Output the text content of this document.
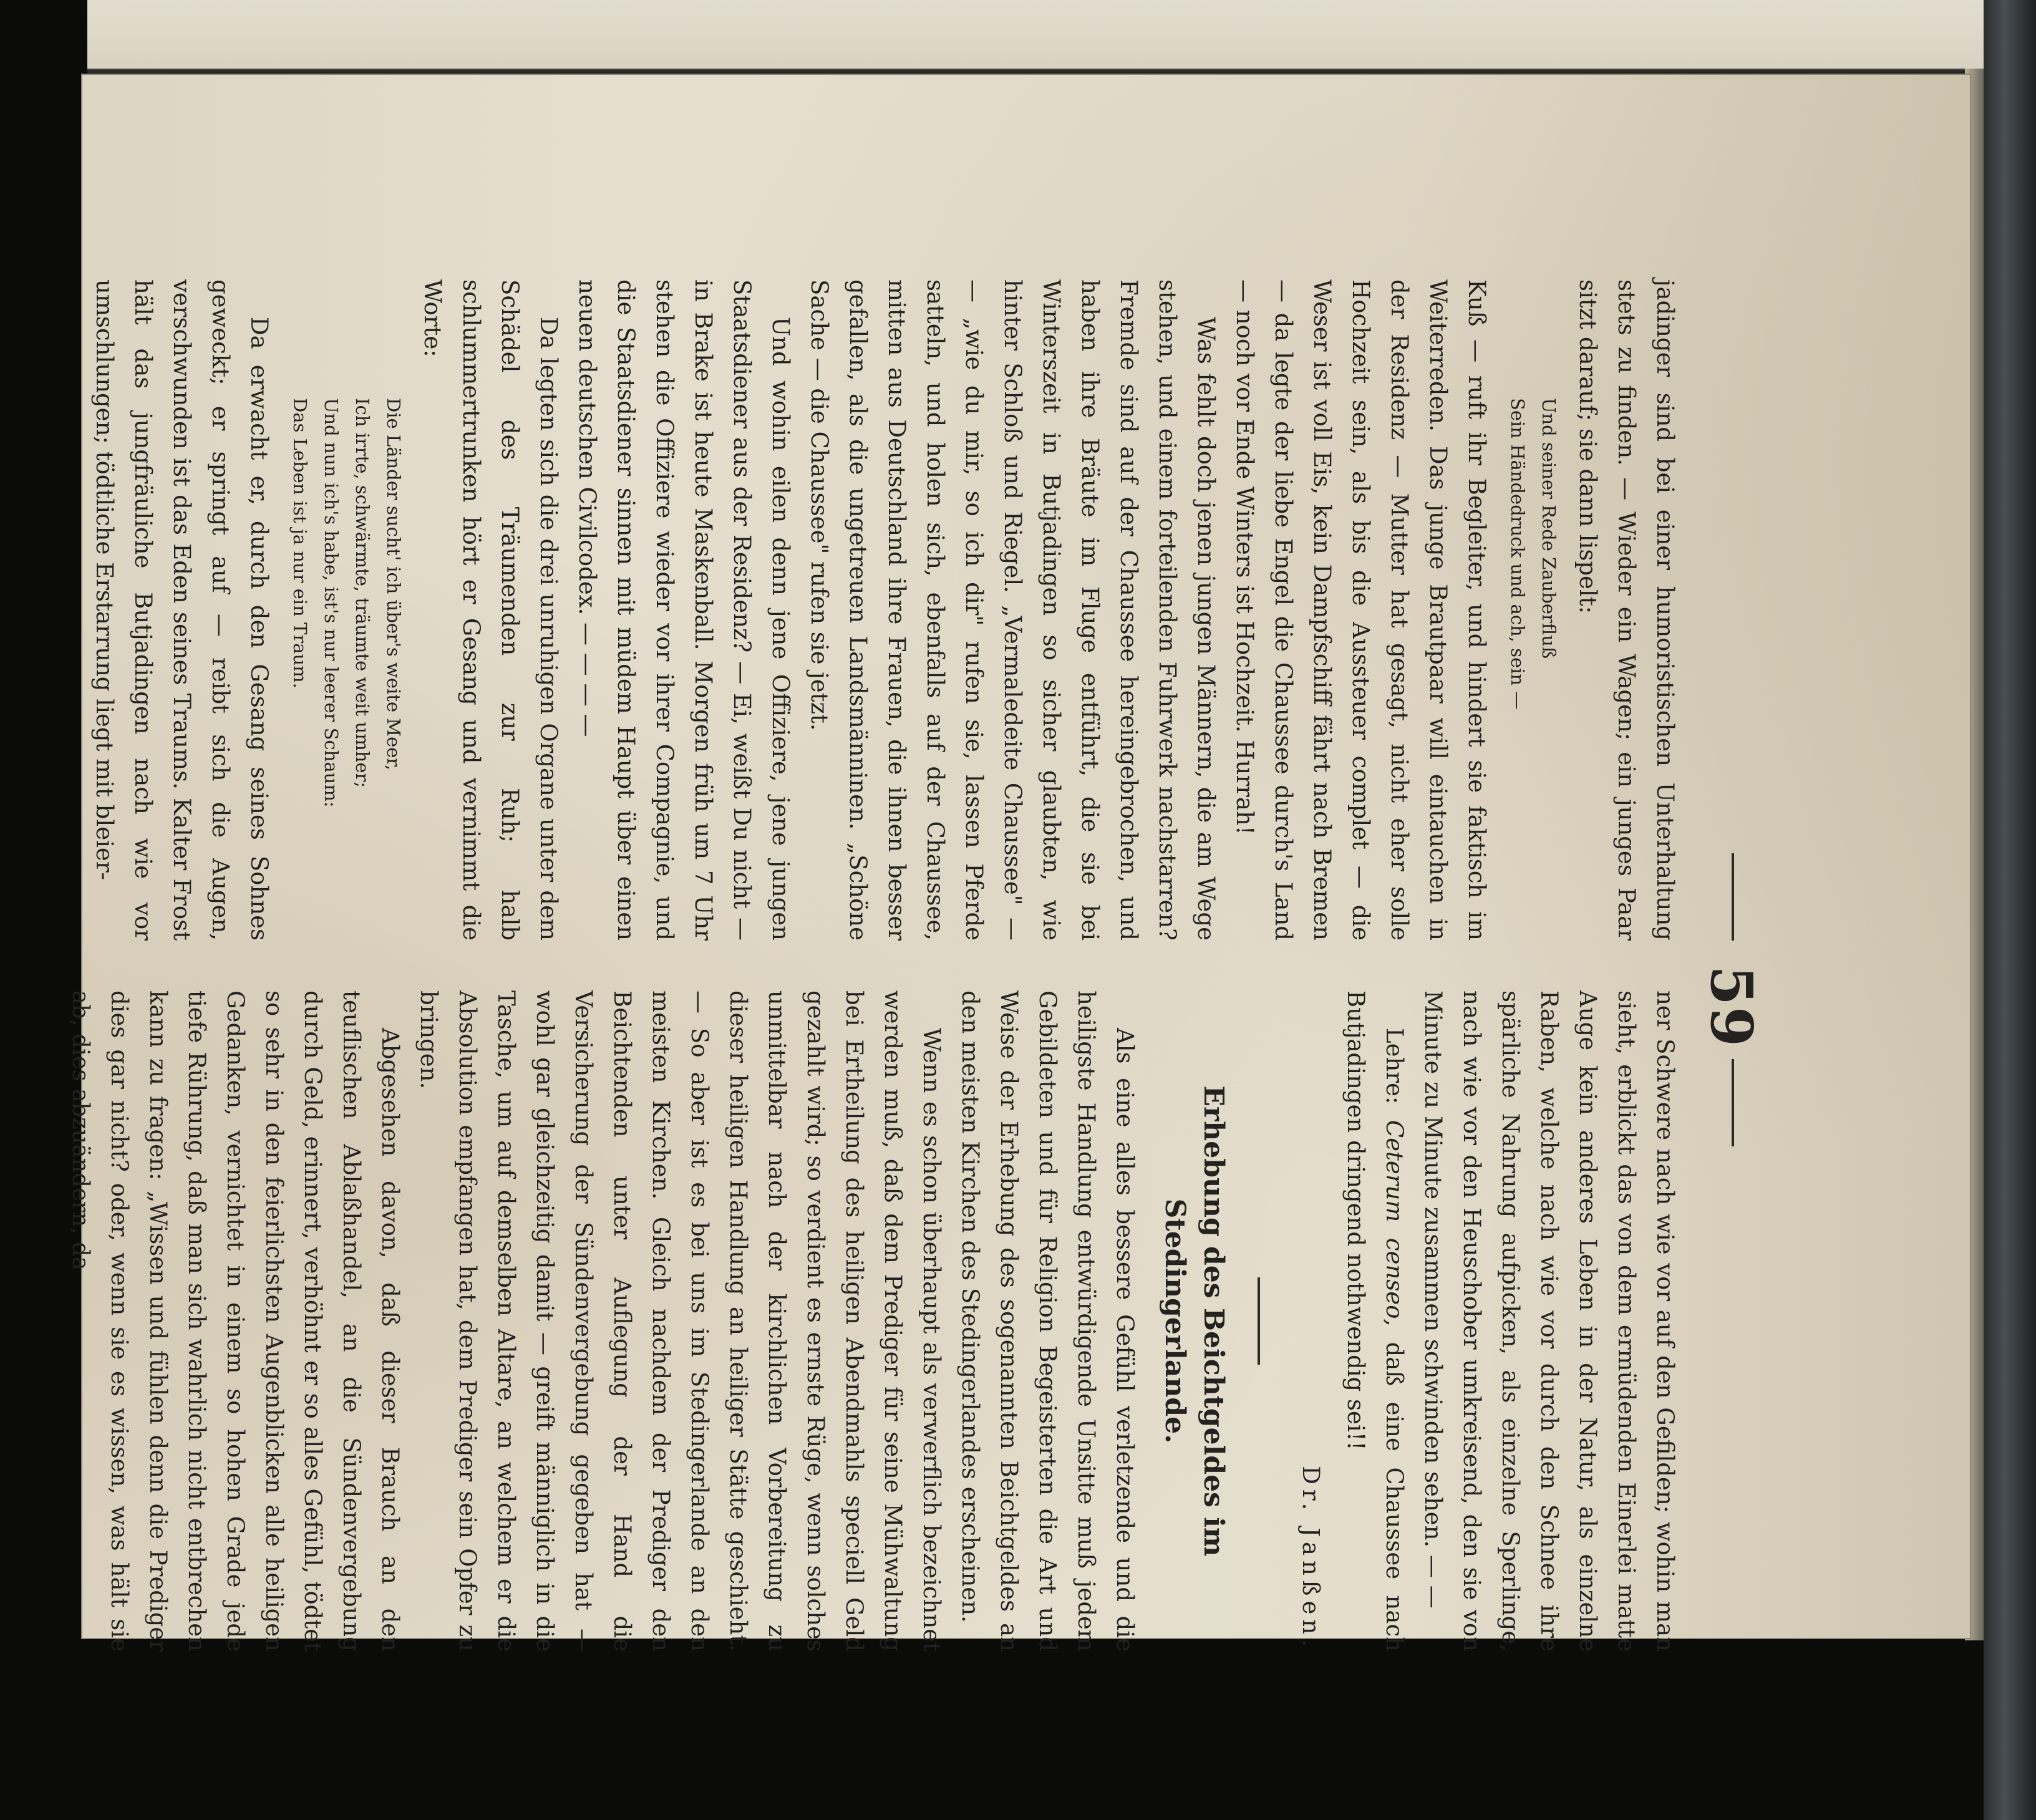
59

jadinger sind bei einer humoristischen Unterhaltung stets zu finden. — Wieder ein Wagen; ein junges Paar sitzt darauf; sie dann lispelt:

Und seiner Rede Zauberfluß
Sein Händedruck und ach, sein —

Kuß — ruft ihr Begleiter, und hindert sie faktisch im Weiterreden. Das junge Brautpaar will eintauchen in der Residenz — Mutter hat gesagt, nicht eher solle Hochzeit sein, als bis die Aussteuer complet — die Weser ist voll Eis, kein Dampfschiff fährt nach Bremen — da legte der liebe Engel die Chaussee durch's Land — noch vor Ende Winters ist Hochzeit. Hurrah!

Was fehlt doch jenen jungen Männern, die am Wege stehen, und einem forteilenden Fuhrwerk nachstarren? Fremde sind auf der Chaussee hereingebrochen, und haben ihre Bräute im Fluge entführt, die sie bei Winterszeit in Butjadingen so sicher glaubten, wie hinter Schloß und Riegel. „Vermaledeite Chaussee" — — „wie du mir, so ich dir" rufen sie, lassen Pferde satteln, und holen sich, ebenfalls auf der Chaussee, mitten aus Deutschland ihre Frauen, die ihnen besser gefallen, als die ungetreuen Landsmänninen. „Schöne Sache — die Chaussee" rufen sie jetzt.

Und wohin eilen denn jene Offiziere, jene jungen Staatsdiener aus der Residenz? — Ei, weißt Du nicht — in Brake ist heute Maskenball. Morgen früh um 7 Uhr stehen die Offiziere wieder vor ihrer Compagnie, und die Staatsdiener sinnen mit müdem Haupt über einen neuen deutschen Civilcodex. — — — —

Da legten sich die drei unruhigen Organe unter dem Schädel des Träumenden zur Ruh; halb schlummertrunken hört er Gesang und vernimmt die Worte:

Die Länder sucht' ich über's weite Meer,
Ich irrte, schwärmte, träumte weit umher;
Und nun ich's habe, ist's nur leerer Schaum:
Das Leben ist ja nur ein Traum.

Da erwacht er, durch den Gesang seines Sohnes geweckt; er springt auf — reibt sich die Augen, verschwunden ist das Eden seines Traums. Kalter Frost hält das jungfräuliche Butjadingen nach wie vor umschlungen; tödtliche Erstarrung liegt mit bleier-

ner Schwere nach wie vor auf den Gefilden; wohin man sieht, erblickt das von dem ermüdenden Einerlei matte Auge kein anderes Leben in der Natur, als einzelne Raben, welche nach wie vor durch den Schnee ihre spärliche Nahrung aufpicken, als einzelne Sperlinge, nach wie vor den Heuschober umkreisend, den sie von Minute zu Minute zusammen schwinden sehen. — —

Lehre: Ceterum censeo, daß eine Chaussee nach Butjadingen dringend nothwendig sei!!

Dr. Janßen.
Erhebung des Beichtgeldes im Stedingerlande.

Als eine alles bessere Gefühl verletzende und die heiligste Handlung entwürdigende Unsitte muß jedem Gebildeten und für Religion Begeisterten die Art und Weise der Erhebung des sogenannten Beichtgeldes an den meisten Kirchen des Stedingerlandes erscheinen.

Wenn es schon überhaupt als verwerflich bezeichnet werden muß, daß dem Prediger für seine Mühwaltung bei Ertheilung des heiligen Abendmahls speciell Geld gezahlt wird; so verdient es ernste Rüge, wenn solches unmittelbar nach der kirchlichen Vorbereitung zu dieser heiligen Handlung an heiliger Stätte geschieht. — So aber ist es bei uns im Stedingerlande an den meisten Kirchen. Gleich nachdem der Prediger den Beichtenden unter Auflegung der Hand die Versicherung der Sündenvergebung gegeben hat — wohl gar gleichzeitig damit — greift männiglich in die Tasche, um auf demselben Altare, an welchem er die Absolution empfangen hat, dem Prediger sein Opfer zu bringen.

Abgesehen davon, daß dieser Brauch an den teuflischen Ablaßhandel, an die Sündenvergebung durch Geld, erinnert, verhöhnt er so alles Gefühl, tödtet so sehr in den feierlichsten Augenblicken alle heiligen Gedanken, vernichtet in einem so hohen Grade jede tiefe Rührung, daß man sich wahrlich nicht entbrechen kann zu fragen: „Wissen und fühlen denn die Prediger dies gar nicht? oder, wenn sie es wissen, was hält sie ab, dies abzuändern, da
